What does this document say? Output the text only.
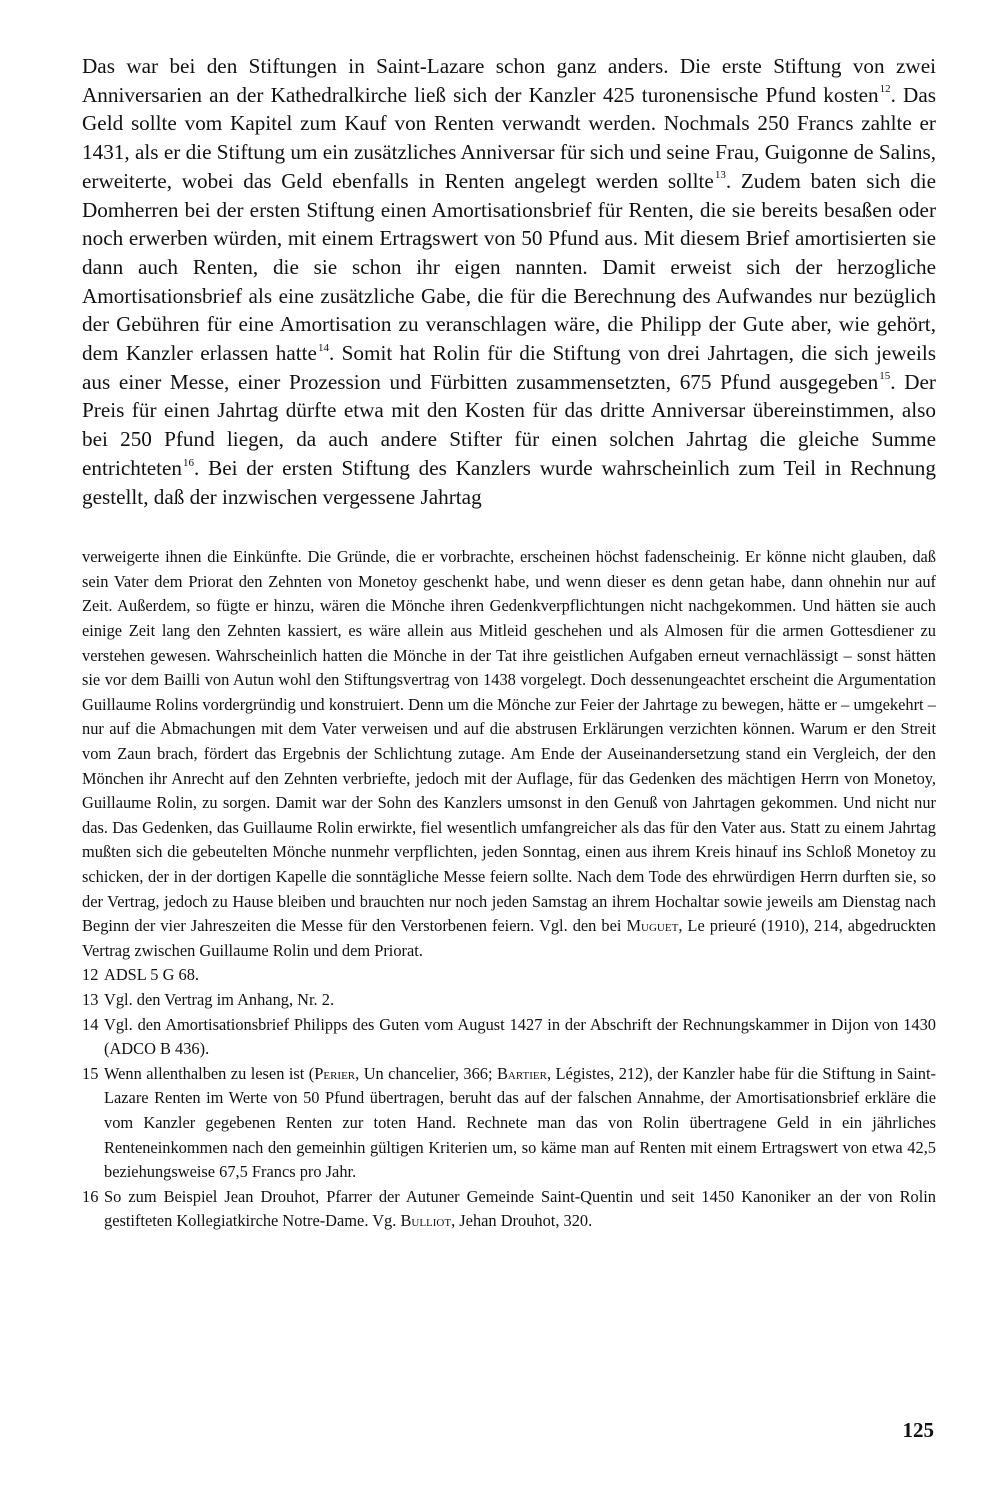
Das war bei den Stiftungen in Saint-Lazare schon ganz anders. Die erste Stiftung von zwei Anniversarien an der Kathedralkirche ließ sich der Kanzler 425 turonensische Pfund kosten$^{12}$. Das Geld sollte vom Kapitel zum Kauf von Renten verwandt werden. Nochmals 250 Francs zahlte er 1431, als er die Stiftung um ein zusätzliches Anniversar für sich und seine Frau, Guigonne de Salins, erweiterte, wobei das Geld ebenfalls in Renten angelegt werden sollte$^{13}$. Zudem baten sich die Domherren bei der ersten Stiftung einen Amortisationsbrief für Renten, die sie bereits besaßen oder noch erwerben würden, mit einem Ertragswert von 50 Pfund aus. Mit diesem Brief amortisierten sie dann auch Renten, die sie schon ihr eigen nannten. Damit erweist sich der herzogliche Amortisationsbrief als eine zusätzliche Gabe, die für die Berechnung des Aufwandes nur bezüglich der Gebühren für eine Amortisation zu veranschlagen wäre, die Philipp der Gute aber, wie gehört, dem Kanzler erlassen hatte$^{14}$. Somit hat Rolin für die Stiftung von drei Jahrtagen, die sich jeweils aus einer Messe, einer Prozession und Fürbitten zusammensetzten, 675 Pfund ausgegeben$^{15}$. Der Preis für einen Jahrtag dürfte etwa mit den Kosten für das dritte Anniversar übereinstimmen, also bei 250 Pfund liegen, da auch andere Stifter für einen solchen Jahrtag die gleiche Summe entrichteten$^{16}$. Bei der ersten Stiftung des Kanzlers wurde wahrscheinlich zum Teil in Rechnung gestellt, daß der inzwischen vergessene Jahrtag

verweigerte ihnen die Einkünfte. Die Gründe, die er vorbrachte, erscheinen höchst fadenscheinig. Er könne nicht glauben, daß sein Vater dem Priorat den Zehnten von Monetoy geschenkt habe, und wenn dieser es denn getan habe, dann ohnehin nur auf Zeit. Außerdem, so fügte er hinzu, wären die Mönche ihren Gedenkverpflichtungen nicht nachgekommen. Und hätten sie auch einige Zeit lang den Zehnten kassiert, es wäre allein aus Mitleid geschehen und als Almosen für die armen Gottesdiener zu verstehen gewesen. Wahrscheinlich hatten die Mönche in der Tat ihre geistlichen Aufgaben erneut vernachlässigt – sonst hätten sie vor dem Bailli von Autun wohl den Stiftungsvertrag von 1438 vorgelegt. Doch dessenungeachtet erscheint die Argumentation Guillaume Rolins vordergründig und konstruiert. Denn um die Mönche zur Feier der Jahrtage zu bewegen, hätte er – umgekehrt – nur auf die Abmachungen mit dem Vater verweisen und auf die abstrusen Erklärungen verzichten können. Warum er den Streit vom Zaun brach, fördert das Ergebnis der Schlichtung zutage. Am Ende der Auseinandersetzung stand ein Vergleich, der den Mönchen ihr Anrecht auf den Zehnten verbriefte, jedoch mit der Auflage, für das Gedenken des mächtigen Herrn von Monetoy, Guillaume Rolin, zu sorgen. Damit war der Sohn des Kanzlers umsonst in den Genuß von Jahrtagen gekommen. Und nicht nur das. Das Gedenken, das Guillaume Rolin erwirkte, fiel wesentlich umfangreicher als das für den Vater aus. Statt zu einem Jahrtag mußten sich die gebeutelten Mönche nunmehr verpflichten, jeden Sonntag, einen aus ihrem Kreis hinauf ins Schloß Monetoy zu schicken, der in der dortigen Kapelle die sonntägliche Messe feiern sollte. Nach dem Tode des ehrwürdigen Herrn durften sie, so der Vertrag, jedoch zu Hause bleiben und brauchten nur noch jeden Samstag an ihrem Hochaltar sowie jeweils am Dienstag nach Beginn der vier Jahreszeiten die Messe für den Verstorbenen feiern. Vgl. den bei Muguet, Le prieuré (1910), 214, abgedruckten Vertrag zwischen Guillaume Rolin und dem Priorat.

12 ADSL 5 G 68.
13 Vgl. den Vertrag im Anhang, Nr. 2.
14 Vgl. den Amortisationsbrief Philipps des Guten vom August 1427 in der Abschrift der Rechnungskammer in Dijon von 1430 (ADCO B 436).
15 Wenn allenthalben zu lesen ist (Perier, Un chancelier, 366; Bartier, Légistes, 212), der Kanzler habe für die Stiftung in Saint-Lazare Renten im Werte von 50 Pfund übertragen, beruht das auf der falschen Annahme, der Amortisationsbrief erkläre die vom Kanzler gegebenen Renten zur toten Hand. Rechnete man das von Rolin übertragene Geld in ein jährliches Renteneinkommen nach den gemeinhin gültigen Kriterien um, so käme man auf Renten mit einem Ertragswert von etwa 42,5 beziehungsweise 67,5 Francs pro Jahr.
16 So zum Beispiel Jean Drouhot, Pfarrer der Autuner Gemeinde Saint-Quentin und seit 1450 Kanoniker an der von Rolin gestifteten Kollegiatkirche Notre-Dame. Vg. Bulliot, Jehan Drouhot, 320.
125
